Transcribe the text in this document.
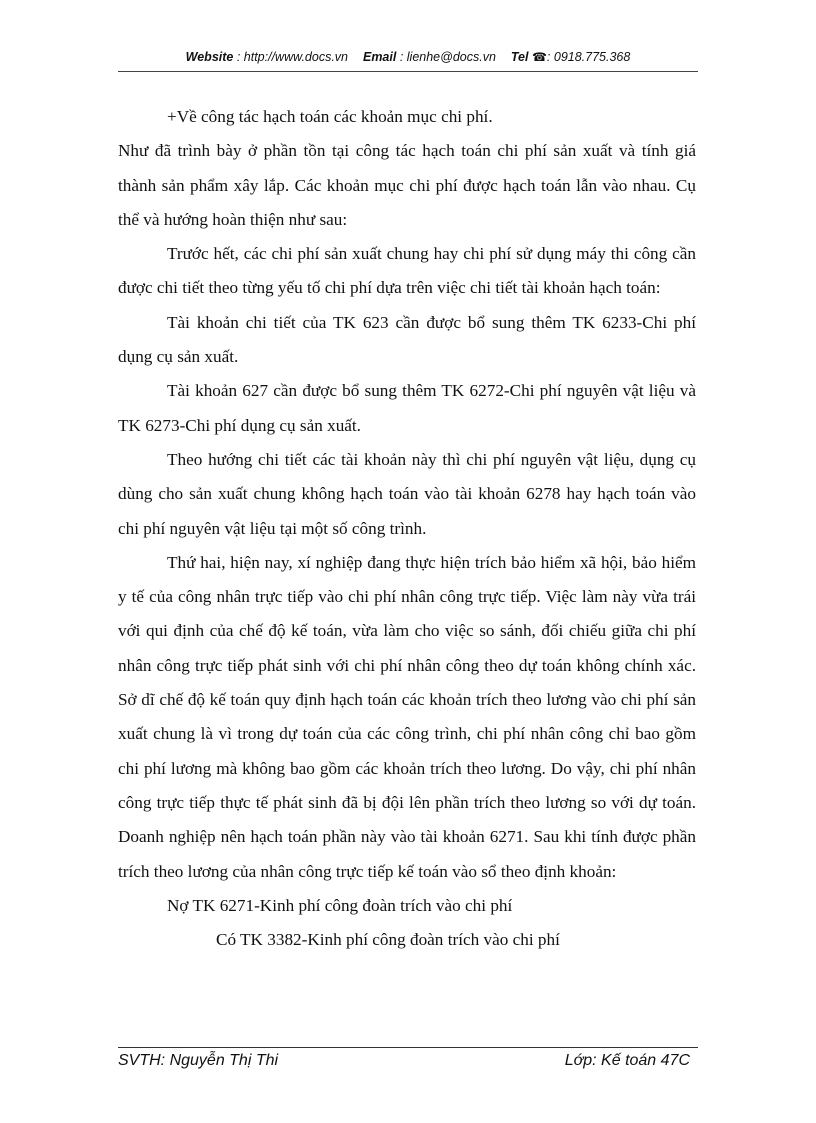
Website : http://www.docs.vn Email : lienhe@docs.vn Tel ☎: 0918.775.368

+Về công tác hạch toán các khoản mục chi phí.

Như đã trình bày ở phần tồn tại công tác hạch toán chi phí sản xuất và tính giá thành sản phẩm xây lắp. Các khoản mục chi phí được hạch toán lẫn vào nhau. Cụ thể và hướng hoàn thiện như sau:

Trước hết, các chi phí sản xuất chung hay chi phí sử dụng máy thi công cần được chi tiết theo từng yếu tố chi phí dựa trên việc chi tiết tài khoản hạch toán:

Tài khoản chi tiết của TK 623 cần được bổ sung thêm TK 6233-Chi phí dụng cụ sản xuất.

Tài khoản 627 cần được bổ sung thêm TK 6272-Chi phí nguyên vật liệu và TK 6273-Chi phí dụng cụ sản xuất.

Theo hướng chi tiết các tài khoản này thì chi phí nguyên vật liệu, dụng cụ dùng cho sản xuất chung không hạch toán vào tài khoản 6278 hay hạch toán vào chi phí nguyên vật liệu tại một số công trình.

Thứ hai, hiện nay, xí nghiệp đang thực hiện trích bảo hiểm xã hội, bảo hiểm y tế của công nhân trực tiếp vào chi phí nhân công trực tiếp. Việc làm này vừa trái với qui định của chế độ kế toán, vừa làm cho việc so sánh, đối chiếu giữa chi phí nhân công trực tiếp phát sinh với chi phí nhân công theo dự toán không chính xác. Sở dĩ chế độ kế toán quy định hạch toán các khoản trích theo lương vào chi phí sản xuất chung là vì trong dự toán của các công trình, chi phí nhân công chỉ bao gồm chi phí lương mà không bao gồm các khoản trích theo lương. Do vậy, chi phí nhân công trực tiếp thực tế phát sinh đã bị đội lên phần trích theo lương so với dự toán. Doanh nghiệp nên hạch toán phần này vào tài khoản 6271. Sau khi tính được phần trích theo lương của nhân công trực tiếp kế toán vào sổ theo định khoản:

Nợ TK 6271-Kinh phí công đoàn trích vào chi phí

Có TK 3382-Kinh phí công đoàn trích vào chi phí

SVTH: Nguyễn Thị Thi	Lớp: Kế toán 47C
